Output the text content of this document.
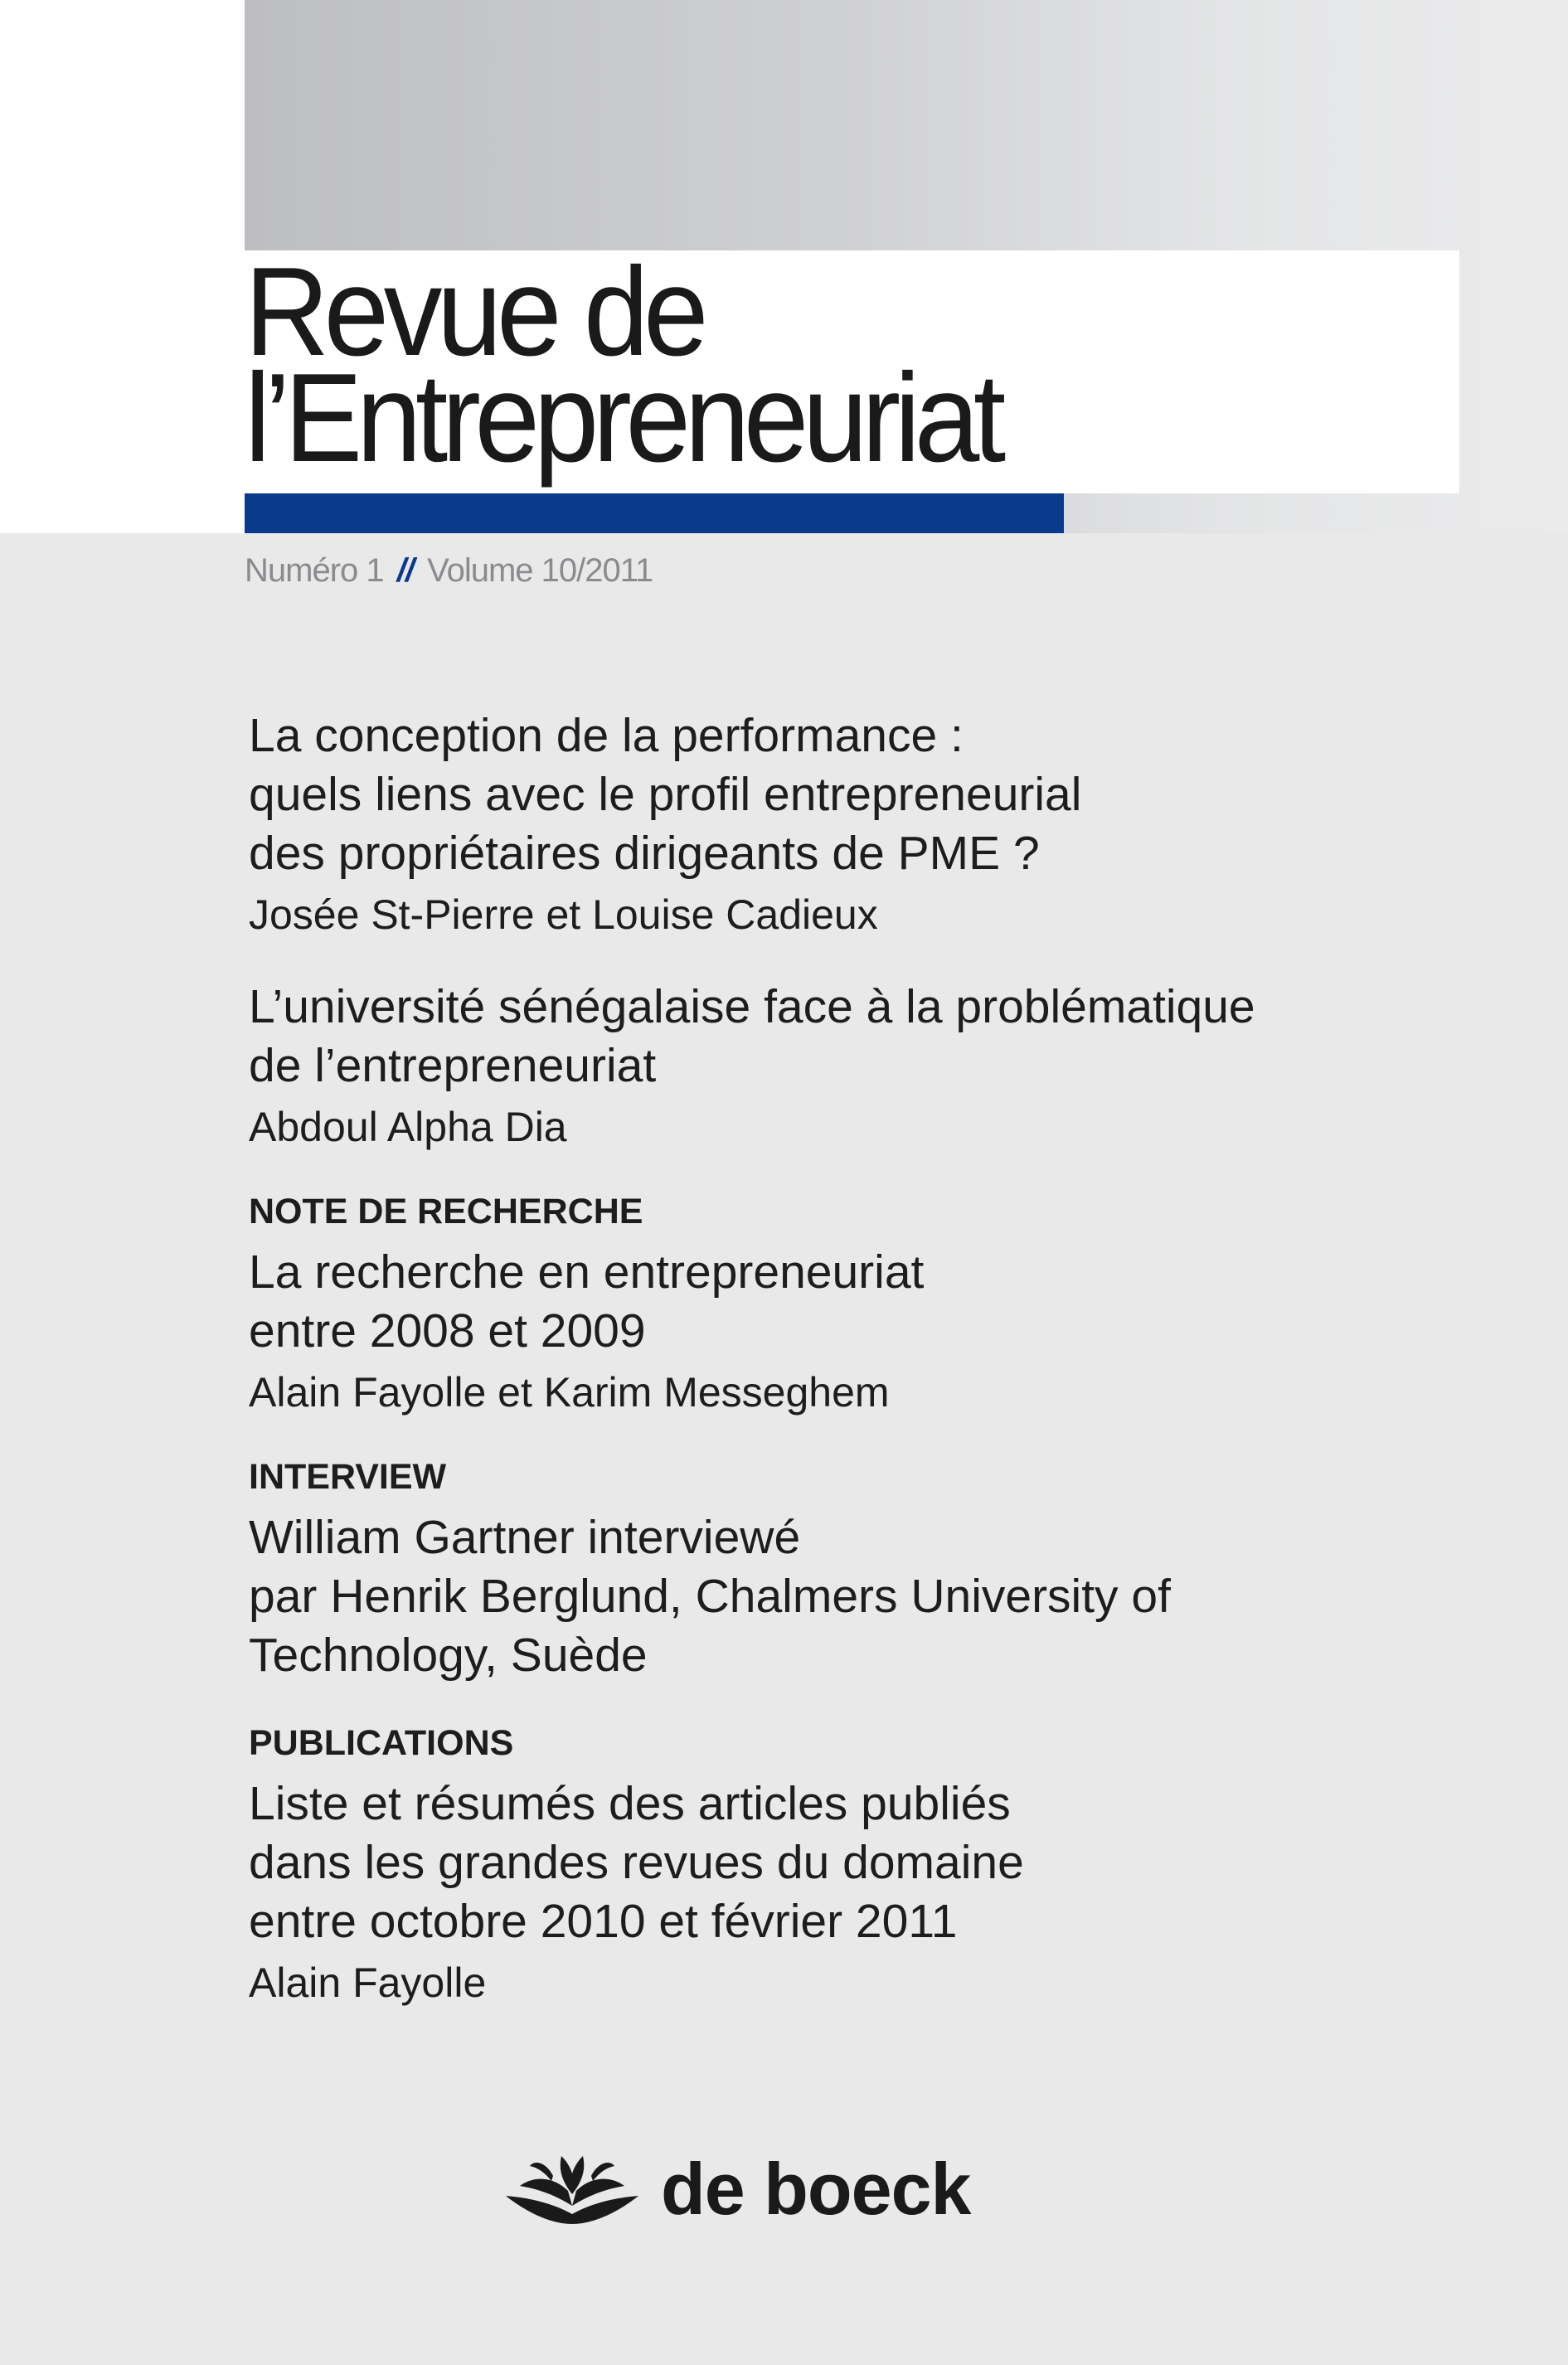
Revue de
l’Entrepreneuriat
Numéro 1 // Volume 10/2011
La conception de la performance :
quels liens avec le profil entrepreneurial
des propriétaires dirigeants de PME ?
Josée St-Pierre et Louise Cadieux
L’université sénégalaise face à la problématique
de l’entrepreneuriat
Abdoul Alpha Dia
NOTE DE RECHERCHE
La recherche en entrepreneuriat
entre 2008 et 2009
Alain Fayolle et Karim Messeghem
INTERVIEW
William Gartner interviewé
par Henrik Berglund, Chalmers University of
Technology, Suède
PUBLICATIONS
Liste et résumés des articles publiés
dans les grandes revues du domaine
entre octobre 2010 et février 2011
Alain Fayolle
de boeck
